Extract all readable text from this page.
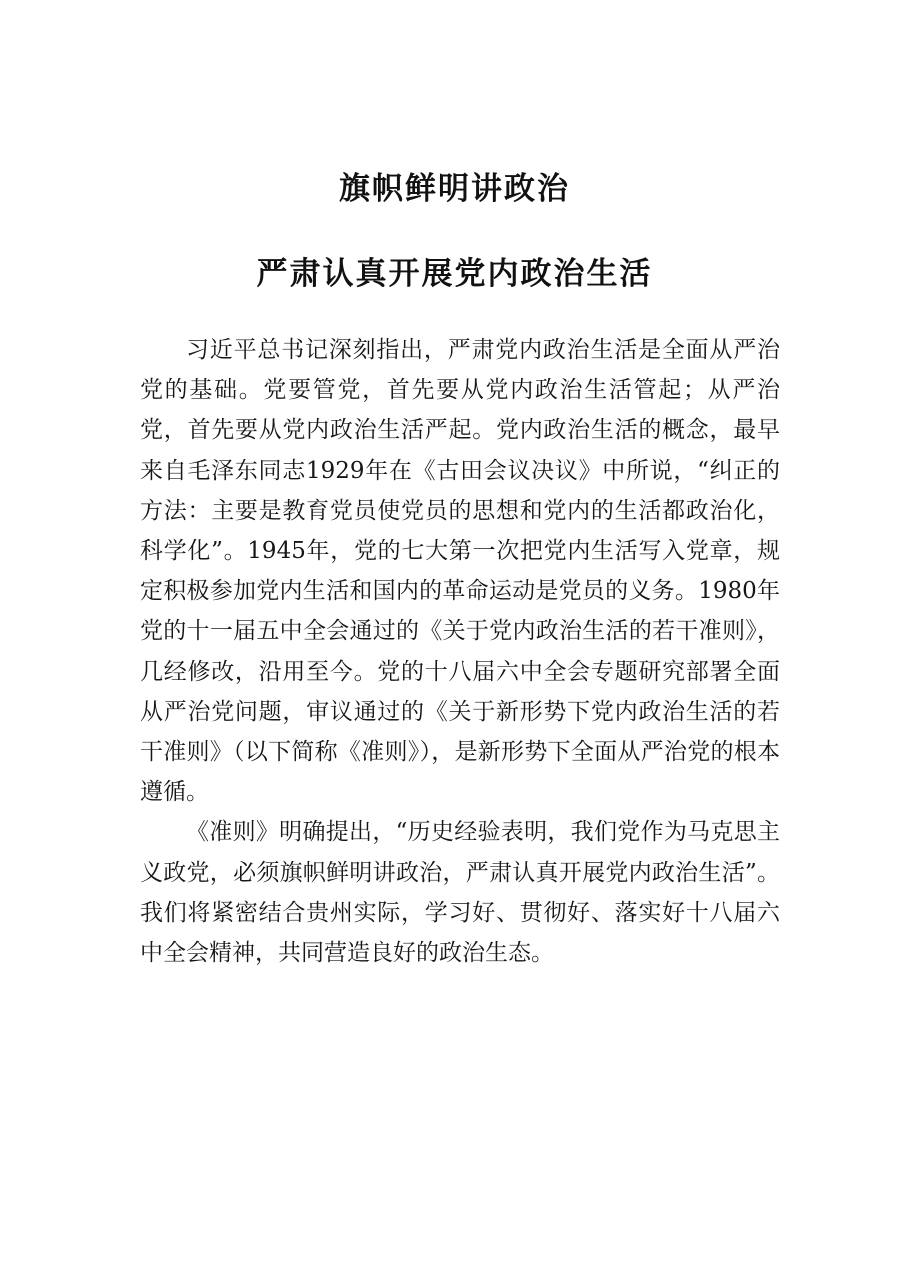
旗帜鲜明讲政治
严肃认真开展党内政治生活

习近平总书记深刻指出，严肃党内政治生活是全面从严治党的基础。党要管党，首先要从党内政治生活管起；从严治党，首先要从党内政治生活严起。党内政治生活的概念，最早来自毛泽东同志1929年在《古田会议决议》中所说，“纠正的方法：主要是教育党员使党员的思想和党内的生活都政治化，科学化”。1945年，党的七大第一次把党内生活写入党章，规定积极参加党内生活和国内的革命运动是党员的义务。1980年党的十一届五中全会通过的《关于党内政治生活的若干准则》，几经修改，沿用至今。党的十八届六中全会专题研究部署全面从严治党问题，审议通过的《关于新形势下党内政治生活的若干准则》（以下简称《准则》），是新形势下全面从严治党的根本遵循。

《准则》明确提出，“历史经验表明，我们党作为马克思主义政党，必须旗帜鲜明讲政治，严肃认真开展党内政治生活”。我们将紧密结合贵州实际，学习好、贯彻好、落实好十八届六中全会精神，共同营造良好的政治生态。
